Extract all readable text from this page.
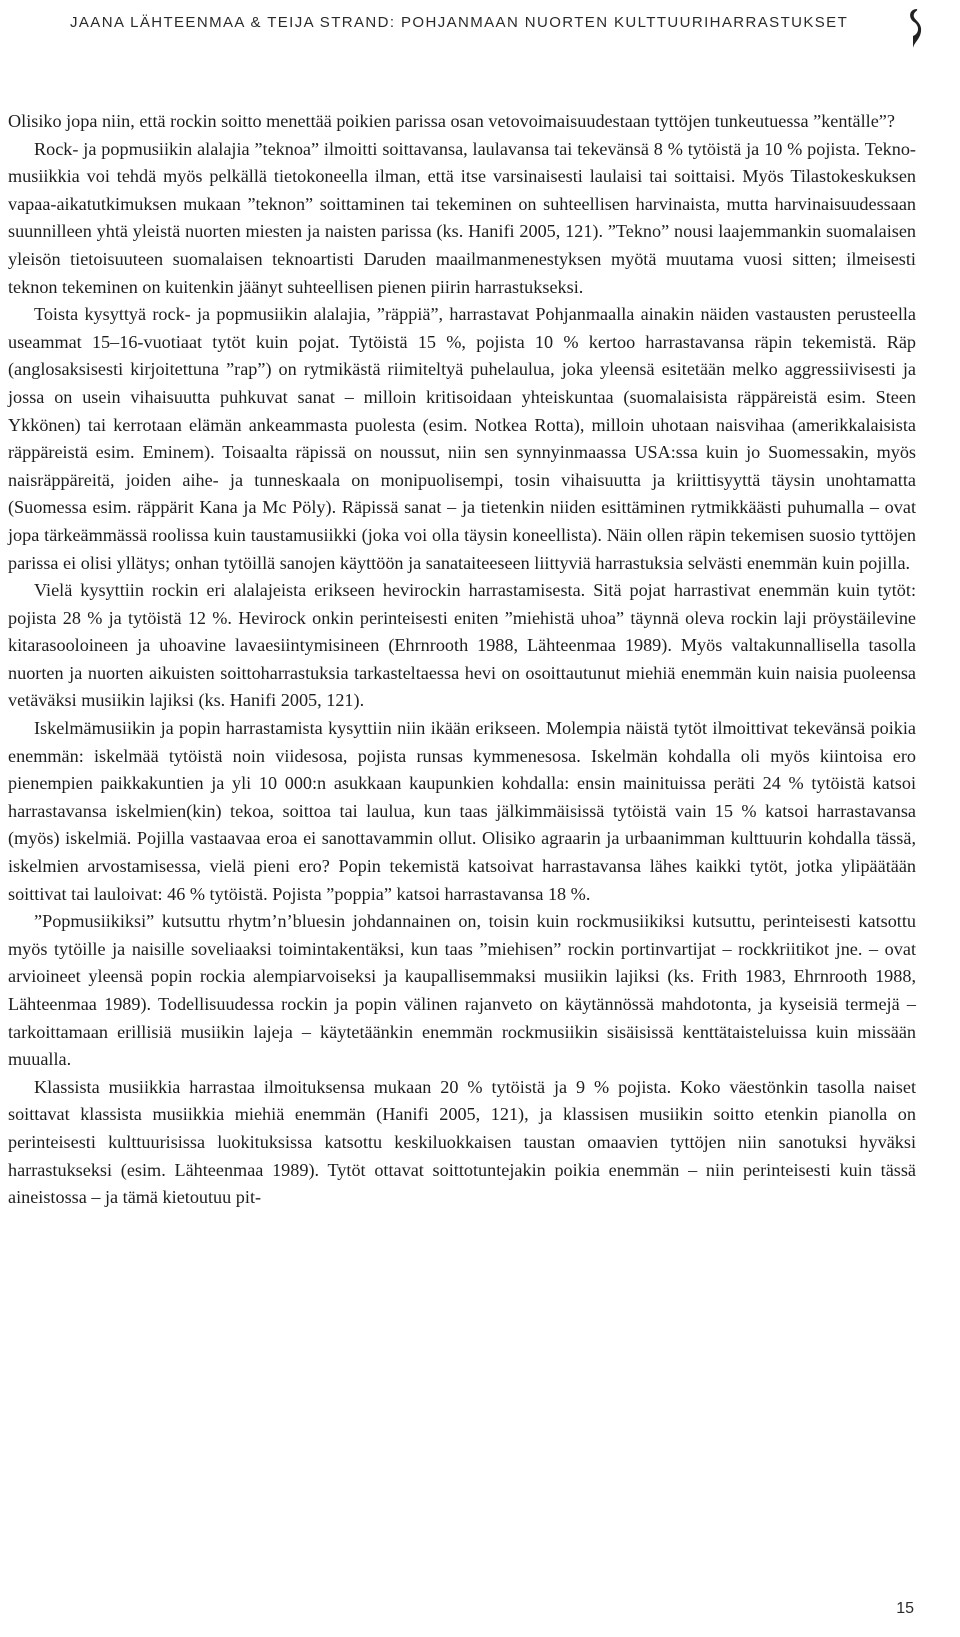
JAANA LÄHTEENMAA & TEIJA STRAND: POHJANMAAN NUORTEN KULTTUURIHARRASTUKSET

Olisiko jopa niin, että rockin soitto menettää poikien parissa osan vetovoimaisuudestaan tyttöjen tunkeutuessa ”kentälle”?

Rock- ja popmusiikin alalajia ”teknoa” ilmoitti soittavansa, laulavansa tai tekevänsä 8 % tytöistä ja 10 % pojista. Tekno-musiikkia voi tehdä myös pelkällä tietokoneella ilman, että itse varsinaisesti laulaisi tai soittaisi. Myös Tilastokeskuksen vapaa-aikatutkimuksen mukaan ”teknon” soittaminen tai tekeminen on suhteellisen harvinaista, mutta harvinaisuudessaan suunnilleen yhtä yleistä nuorten miesten ja naisten parissa (ks. Hanifi 2005, 121). ”Tekno” nousi laajemmankin suomalaisen yleisön tietoisuuteen suomalaisen teknoartisti Daruden maailmanmenestyksen myötä muutama vuosi sitten; ilmeisesti teknon tekeminen on kuitenkin jäänyt suhteellisen pienen piirin harrastukseksi.

Toista kysyttyä rock- ja popmusiikin alalajia, ”räppiä”, harrastavat Pohjanmaalla ainakin näiden vastausten perusteella useammat 15–16-vuotiaat tytöt kuin pojat. Tytöistä 15 %, pojista 10 % kertoo harrastavansa räpin tekemistä. Räp (anglosaksisesti kirjoitettuna ”rap”) on rytmikästä riimiteltyä puhelaulua, joka yleensä esitetään melko aggressiivisesti ja jossa on usein vihaisuutta puhkuvat sanat – milloin kritisoidaan yhteiskuntaa (suomalaisista räppäreistä esim. Steen Ykkönen) tai kerrotaan elämän ankeammasta puolesta (esim. Notkea Rotta), milloin uhotaan naisvihaa (amerikkalaisista räppäreistä esim. Eminem). Toisaalta räpissä on noussut, niin sen synnyinmaassa USA:ssa kuin jo Suomessakin, myös naisräppäreitä, joiden aihe- ja tunneskaala on monipuolisempi, tosin vihaisuutta ja kriittisyyttä täysin unohtamatta (Suomessa esim. räppärit Kana ja Mc Pöly). Räpissä sanat – ja tietenkin niiden esittäminen rytmikkäästi puhumalla – ovat jopa tärkeämmässä roolissa kuin taustamusiikki (joka voi olla täysin koneellista). Näin ollen räpin tekemisen suosio tyttöjen parissa ei olisi yllätys; onhan tytöillä sanojen käyttöön ja sanataiteeseen liittyviä harrastuksia selvästi enemmän kuin pojilla.

Vielä kysyttiin rockin eri alalajeista erikseen hevirockin harrastamisesta. Sitä pojat harrastivat enemmän kuin tytöt: pojista 28 % ja tytöistä 12 %. Hevirock onkin perinteisesti eniten ”miehistä uhoa” täynnä oleva rockin laji pröystäilevine kitarasooloineen ja uhoavine lavaesiintymisineen (Ehrnrooth 1988, Lähteenmaa 1989). Myös valtakunnallisella tasolla nuorten ja nuorten aikuisten soittoharrastuksia tarkasteltaessa hevi on osoittautunut miehiä enemmän kuin naisia puoleensa vetäväksi musiikin lajiksi (ks. Hanifi 2005, 121).

Iskelmämusiikin ja popin harrastamista kysyttiin niin ikään erikseen. Molempia näistä tytöt ilmoittivat tekevänsä poikia enemmän: iskelmää tytöistä noin viidesosa, pojista runsas kymmenesosa. Iskelmän kohdalla oli myös kiintoisa ero pienempien paikkakuntien ja yli 10 000:n asukkaan kaupunkien kohdalla: ensin mainituissa peräti 24 % tytöistä katsoi harrastavansa iskelmien(kin) tekoa, soittoa tai laulua, kun taas jälkimmäisissä tytöistä vain 15 % katsoi harrastavansa (myös) iskelmiä. Pojilla vastaavaa eroa ei sanottavammin ollut. Olisiko agraarin ja urbaanimman kulttuurin kohdalla tässä, iskelmien arvostamisessa, vielä pieni ero? Popin tekemistä katsoivat harrastavansa lähes kaikki tytöt, jotka ylipäätään soittivat tai lauloivat: 46 % tytöistä. Pojista ”poppia” katsoi harrastavansa 18 %.

”Popmusiikiksi” kutsuttu rhytm’n’bluesin johdannainen on, toisin kuin rockmusiikiksi kutsuttu, perinteisesti katsottu myös tytöille ja naisille soveliaaksi toimintakentäksi, kun taas ”miehisen” rockin portinvartijat – rockkriitikot jne. – ovat arvioineet yleensä popin rockia alempiarvoiseksi ja kaupallisemmaksi musiikin lajiksi (ks. Frith 1983, Ehrnrooth 1988, Lähteenmaa 1989). Todellisuudessa rockin ja popin välinen rajanveto on käytännössä mahdotonta, ja kyseisiä termejä – tarkoittamaan erillisiä musiikin lajeja – käytetäänkin enemmän rockmusiikin sisäisissä kenttätaisteluissa kuin missään muualla.

Klassista musiikkia harrastaa ilmoituksensa mukaan 20 % tytöistä ja 9 % pojista. Koko väestönkin tasolla naiset soittavat klassista musiikkia miehiä enemmän (Hanifi 2005, 121), ja klassisen musiikin soitto etenkin pianolla on perinteisesti kulttuurisissa luokituksissa katsottu keskiluokkaisen taustan omaavien tyttöjen niin sanotuksi hyväksi harrastukseksi (esim. Lähteenmaa 1989). Tytöt ottavat soittotuntejakin poikia enemmän – niin perinteisesti kuin tässä aineistossa – ja tämä kietoutuu pit-

15
